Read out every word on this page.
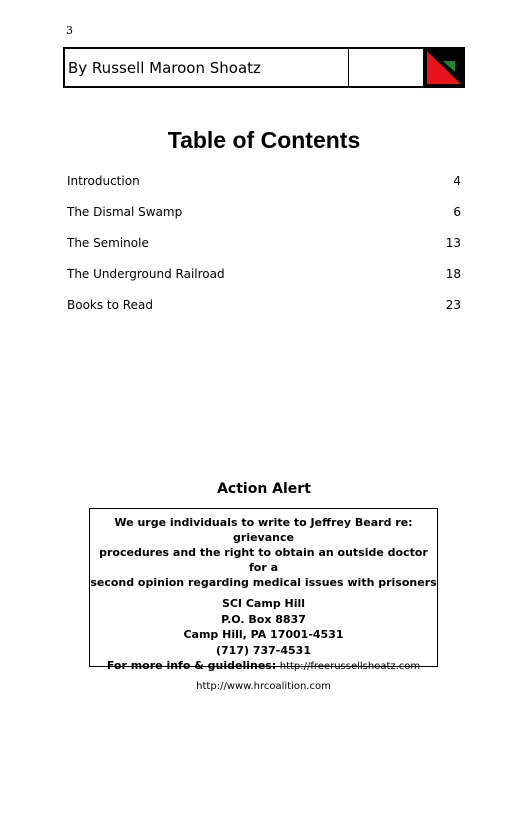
3
By Russell Maroon Shoatz
Table of Contents
Introduction	4
The Dismal Swamp	6
The Seminole	13
The Underground Railroad	18
Books to Read	23
Action Alert
We urge individuals to write to Jeffrey Beard re: grievance
procedures and the right to obtain an outside doctor for a
second opinion regarding medical issues with prisoners
SCI Camp Hill
P.O. Box 8837
Camp Hill, PA 17001-4531
(717) 737-4531
For more info & guidelines: http://freerussellshoatz.com
http://www.hrcoalition.com
